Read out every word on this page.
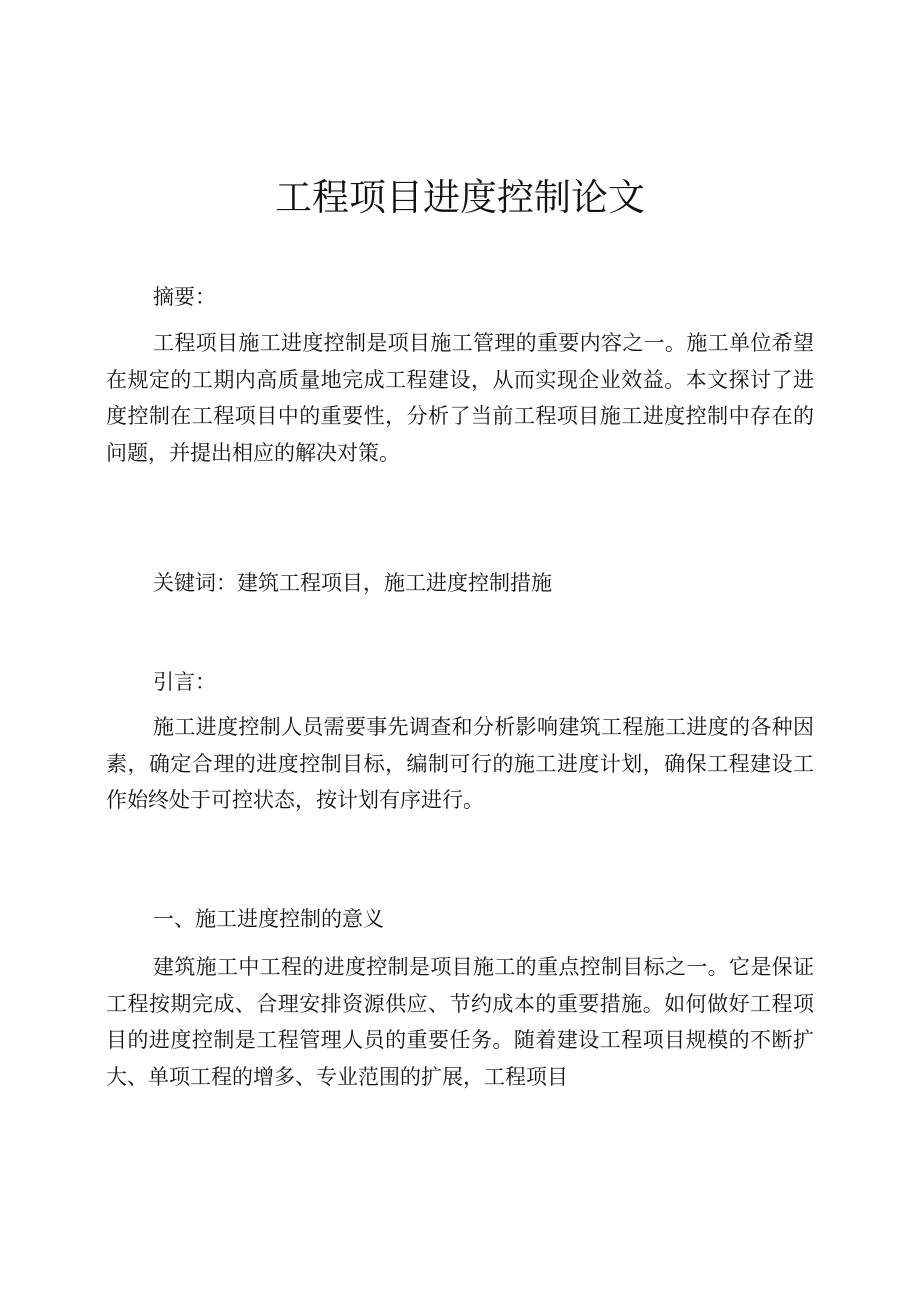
工程项目进度控制论文

摘要：

工程项目施工进度控制是项目施工管理的重要内容之一。施工单位希望在规定的工期内高质量地完成工程建设，从而实现企业效益。本文探讨了进度控制在工程项目中的重要性，分析了当前工程项目施工进度控制中存在的问题，并提出相应的解决对策。

关键词：建筑工程项目，施工进度控制措施

引言：

施工进度控制人员需要事先调查和分析影响建筑工程施工进度的各种因素，确定合理的进度控制目标，编制可行的施工进度计划，确保工程建设工作始终处于可控状态，按计划有序进行。

一、施工进度控制的意义

建筑施工中工程的进度控制是项目施工的重点控制目标之一。它是保证工程按期完成、合理安排资源供应、节约成本的重要措施。如何做好工程项目的进度控制是工程管理人员的重要任务。随着建设工程项目规模的不断扩大、单项工程的增多、专业范围的扩展，工程项目
